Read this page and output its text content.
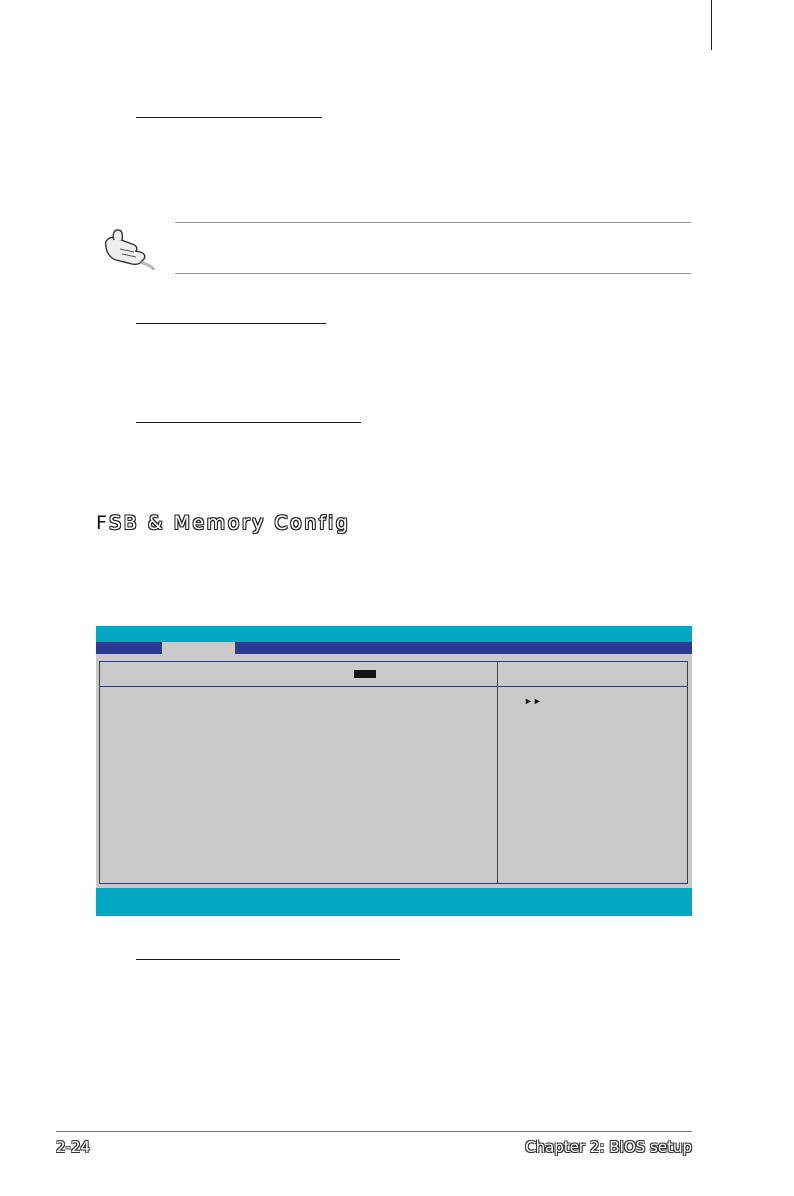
FSB & Memory Config
►►
2-24	Chapter 2: BIOS setup
